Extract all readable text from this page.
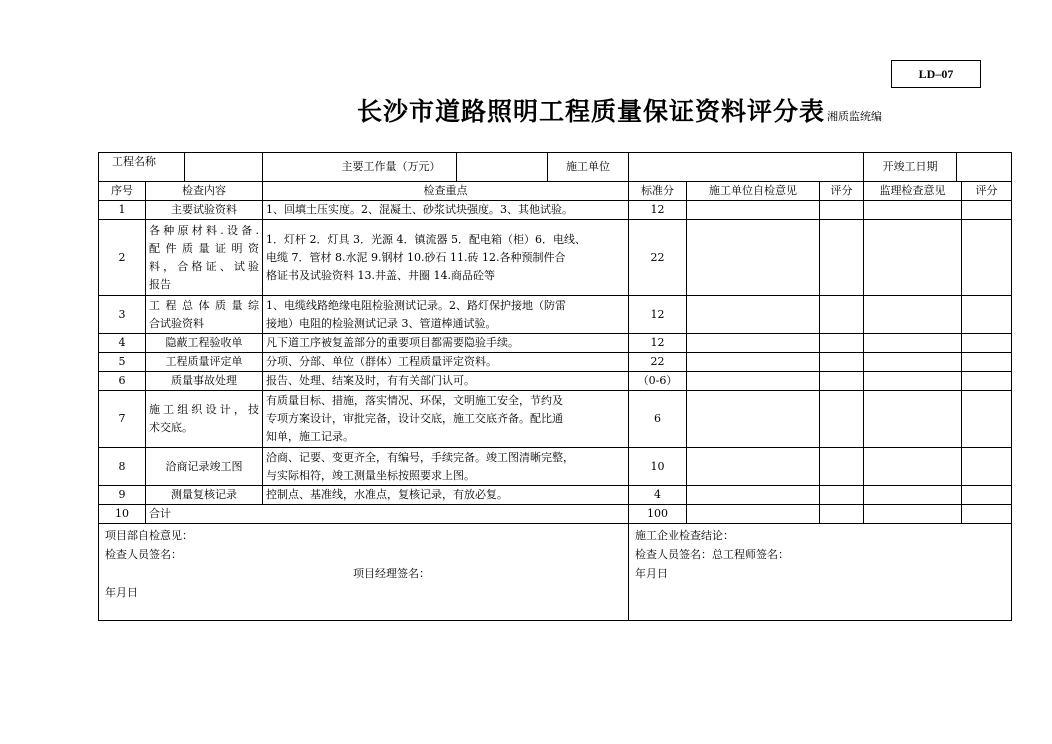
LD–07
长沙市道路照明工程质量保证资料评分表 湘质监统编
工程名称		主要工作量（万元） 施工单位				开竣工日期	

序号	检查内容	检查重点	标准分	施工单位自检意见	评分	监理检查意见	评分
1	主要试验资料	1、回填土压实度。2、混凝土、砂浆试块强度。3、其他试验。	12				
2	各种原材料.设备.
配件质量证明资
料，合格证、试验
报告	1．灯杆 2．灯具 3．光源 4．镇流器 5．配电箱（柜）6．电线、
电缆 7．管材 8.水泥 9.钢材 10.砂石 11.砖 12.各种预制件合
格证书及试验资料 13.井盖、井圈 14.商品砼等	22				
3	工程总体质量综
合试验资料	1、电缆线路绝缘电阻检验测试记录。2、路灯保护接地（防雷
接地）电阻的检验测试记录 3、管道棒通试验。	12				
4	隐蔽工程验收单	凡下道工序被复盖部分的重要项目都需要隐验手续。	12				
5	工程质量评定单	分项、分部、单位（群体）工程质量评定资料。	22				
6	质量事故处理	报告、处理、结案及时，有有关部门认可。	（0-6）				
7	施工组织设计，技
术交底。	有质量目标、措施，落实情况、环保，文明施工安全，节约及
专项方案设计，审批完备，设计交底，施工交底齐备。配比通
知单，施工记录。	6				
8	洽商记录竣工图	洽商、记要、变更齐全，有编号，手续完备。竣工图清晰完整，
与实际相符，竣工测量坐标按照要求上图。	10				
9	测量复核记录	控制点、基准线，水准点，复核记录，有放必复。	4				
10	合计		100				

项目部自检意见：
检查人员签名：
项目经理签名：
年月日			施工企业检查结论：
检查人员签名：总工程师签名：
年月日				
